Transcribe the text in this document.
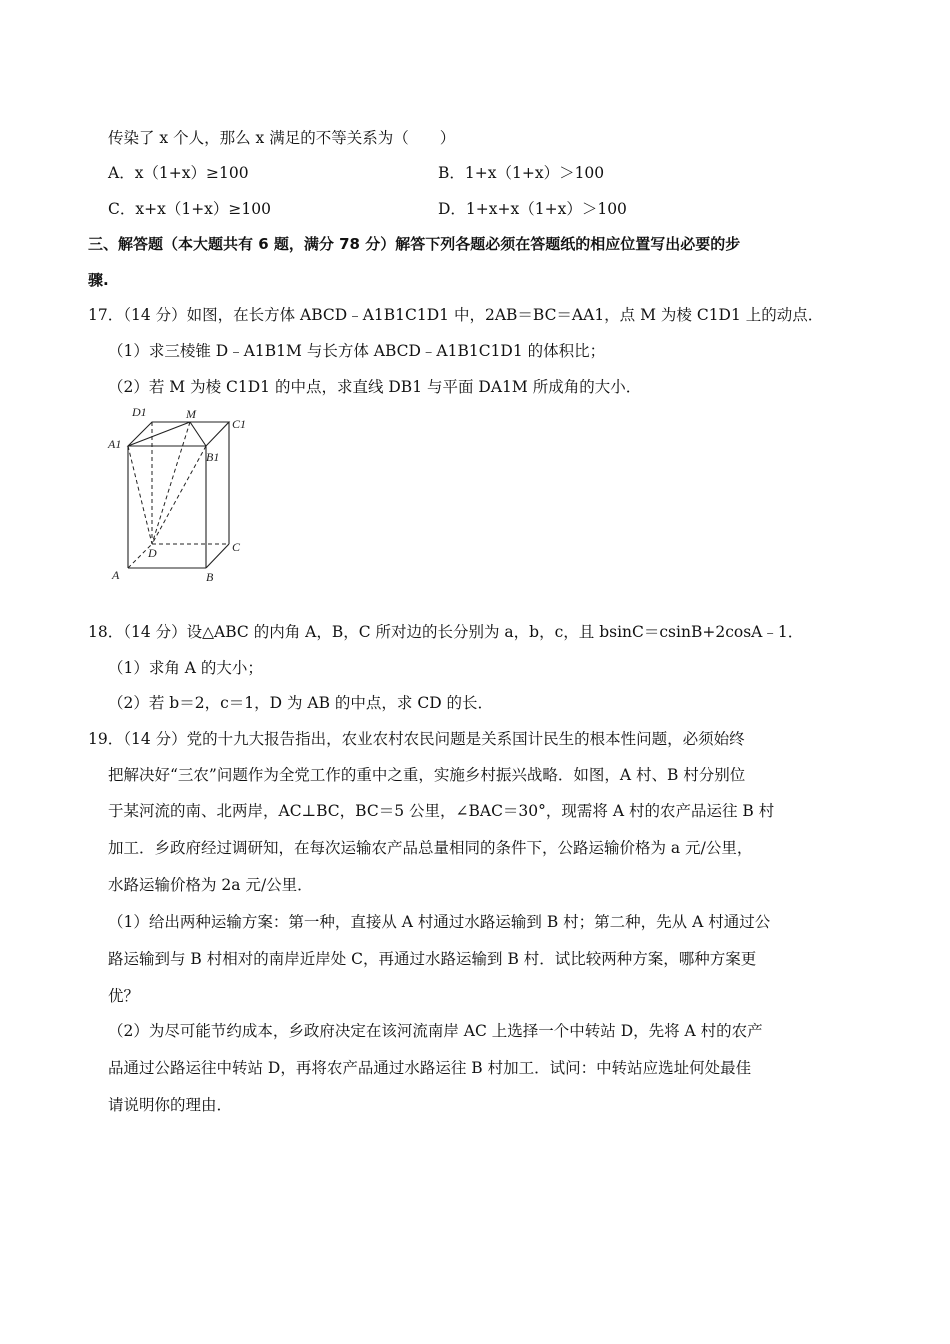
传染了 x 个人，那么 x 满足的不等关系为（　　）
A．x（1+x）≥100	B．1+x（1+x）＞100
C．x+x（1+x）≥100	D．1+x+x（1+x）＞100
三、解答题（本大题共有 6 题，满分 78 分）解答下列各题必须在答题纸的相应位置写出必要的步
骤.
17．（14 分）如图，在长方体 ABCD﹣A1B1C1D1 中，2AB＝BC＝AA1，点 M 为棱 C1D1 上的动点．
（1）求三棱锥 D﹣A1B1M 与长方体 ABCD﹣A1B1C1D1 的体积比；
（2）若 M 为棱 C1D1 的中点，求直线 DB1 与平面 DA1M 所成角的大小．
D1	M
C1
A1
B1
D	C
A	B
18．（14 分）设△ABC 的内角 A，B，C 所对边的长分别为 a，b，c，且 bsinC＝csinB+2cosA﹣1．
（1）求角 A 的大小；
（2）若 b＝2，c＝1，D 为 AB 的中点，求 CD 的长．
19．（14 分）党的十九大报告指出，农业农村农民问题是关系国计民生的根本性问题，必须始终
把解决好“三农”问题作为全党工作的重中之重，实施乡村振兴战略．如图，A 村、B 村分别位
于某河流的南、北两岸，AC⊥BC，BC＝5 公里，∠BAC＝30°，现需将 A 村的农产品运往 B 村
加工．乡政府经过调研知，在每次运输农产品总量相同的条件下，公路运输价格为 a 元/公里，
水路运输价格为 2a 元/公里．
（1）给出两种运输方案：第一种，直接从 A 村通过水路运输到 B 村；第二种，先从 A 村通过公
路运输到与 B 村相对的南岸近岸处 C，再通过水路运输到 B 村．试比较两种方案，哪种方案更
优？
（2）为尽可能节约成本，乡政府决定在该河流南岸 AC 上选择一个中转站 D，先将 A 村的农产
品通过公路运往中转站 D，再将农产品通过水路运往 B 村加工．试问：中转站应选址何处最佳
请说明你的理由．
